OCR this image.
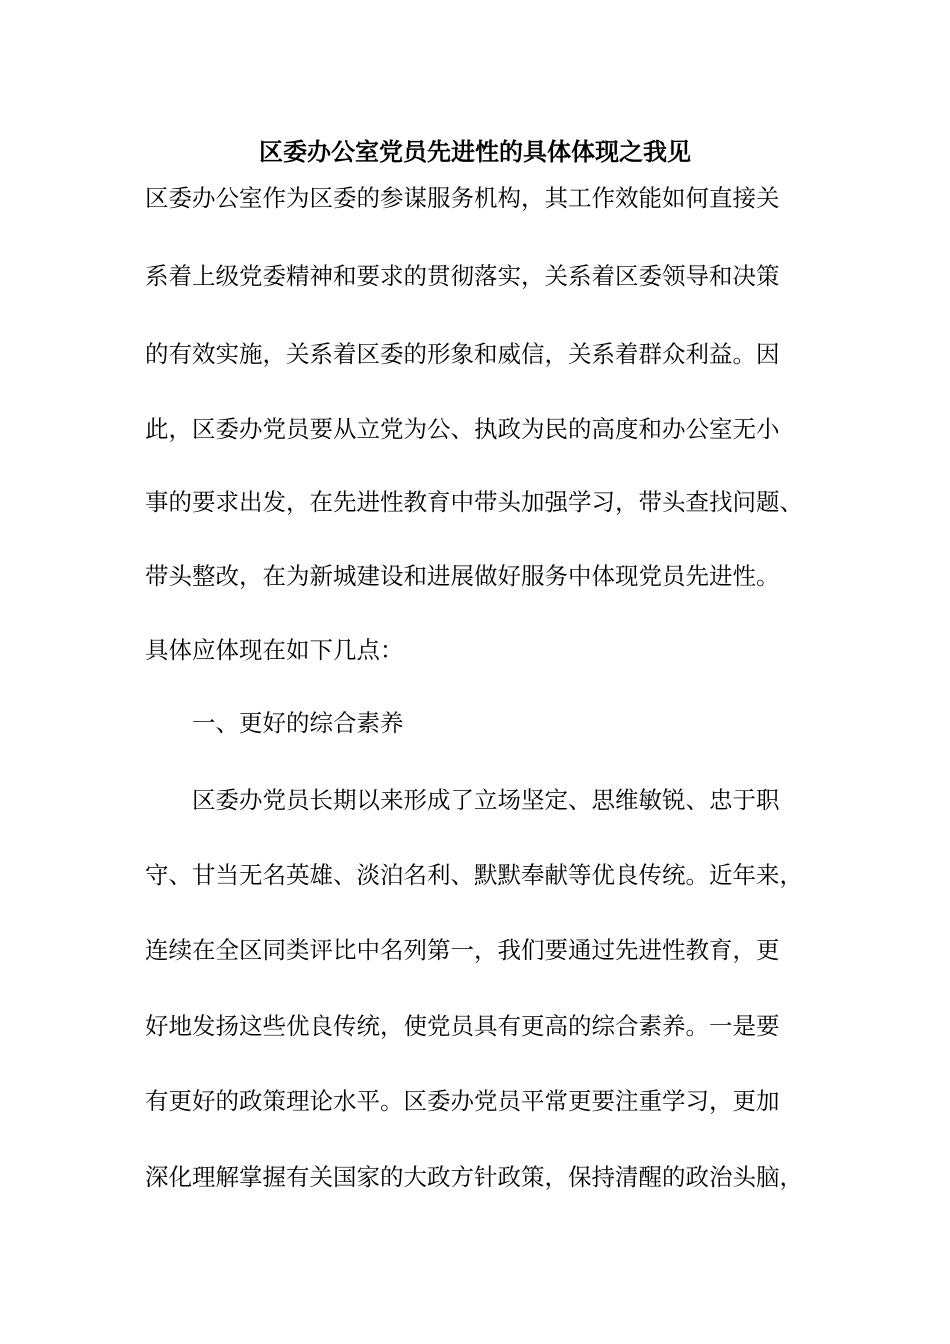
区委办公室党员先进性的具体体现之我见

区委办公室作为区委的参谋服务机构，其工作效能如何直接关

系着上级党委精神和要求的贯彻落实，关系着区委领导和决策

的有效实施，关系着区委的形象和威信，关系着群众利益。因

此，区委办党员要从立党为公、执政为民的高度和办公室无小

事的要求出发，在先进性教育中带头加强学习，带头查找问题、

带头整改，在为新城建设和进展做好服务中体现党员先进性。

具体应体现在如下几点：

　　一、更好的综合素养

　　区委办党员长期以来形成了立场坚定、思维敏锐、忠于职

守、甘当无名英雄、淡泊名利、默默奉献等优良传统。近年来，

连续在全区同类评比中名列第一，我们要通过先进性教育，更

好地发扬这些优良传统，使党员具有更高的综合素养。一是要

有更好的政策理论水平。区委办党员平常更要注重学习，更加

深化理解掌握有关国家的大政方针政策，保持清醒的政治头脑，
